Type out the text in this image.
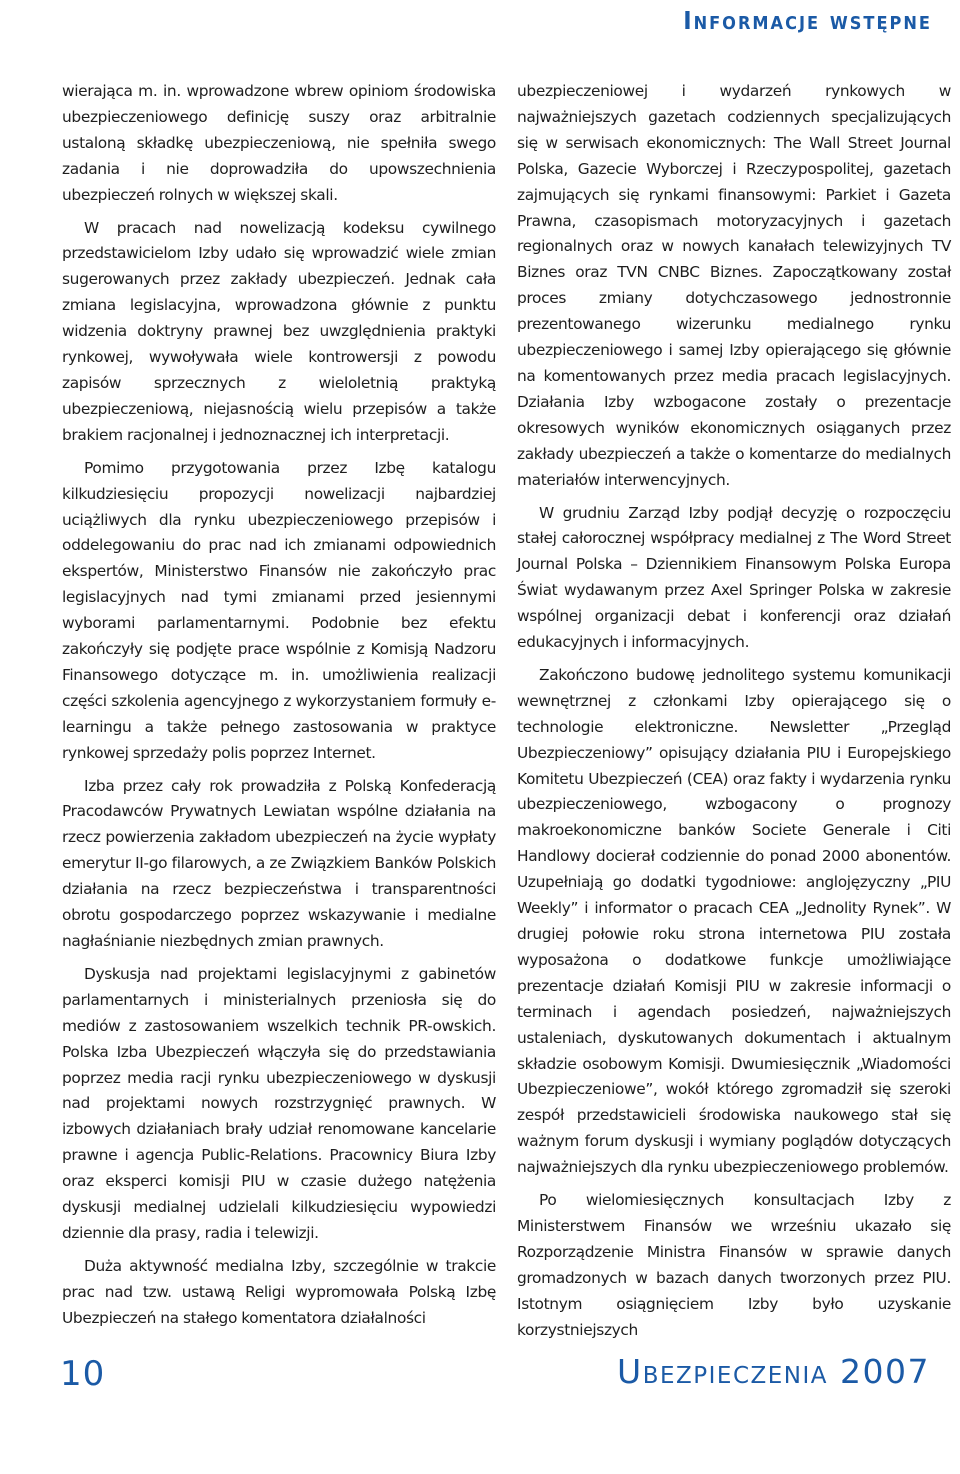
Informacje wstępne

wierająca m. in. wprowadzone wbrew opiniom środowiska ubezpieczeniowego definicję suszy oraz arbitralnie ustaloną składkę ubezpieczeniową, nie spełniła swego zadania i nie doprowadziła do upowszechnienia ubezpieczeń rolnych w większej skali.

W pracach nad nowelizacją kodeksu cywilnego przedstawicielom Izby udało się wprowadzić wiele zmian sugerowanych przez zakłady ubezpieczeń. Jednak cała zmiana legislacyjna, wprowadzona głównie z punktu widzenia doktryny prawnej bez uwzględnienia praktyki rynkowej, wywoływała wiele kontrowersji z powodu zapisów sprzecznych z wieloletnią praktyką ubezpieczeniową, niejasnością wielu przepisów a także brakiem racjonalnej i jednoznacznej ich interpretacji.

Pomimo przygotowania przez Izbę katalogu kilkudziesięciu propozycji nowelizacji najbardziej uciążliwych dla rynku ubezpieczeniowego przepisów i oddelegowaniu do prac nad ich zmianami odpowiednich ekspertów, Ministerstwo Finansów nie zakończyło prac legislacyjnych nad tymi zmianami przed jesiennymi wyborami parlamentarnymi. Podobnie bez efektu zakończyły się podjęte prace wspólnie z Komisją Nadzoru Finansowego dotyczące m. in. umożliwienia realizacji części szkolenia agencyjnego z wykorzystaniem formuły e-learningu a także pełnego zastosowania w praktyce rynkowej sprzedaży polis poprzez Internet.

Izba przez cały rok prowadziła z Polską Konfederacją Pracodawców Prywatnych Lewiatan wspólne działania na rzecz powierzenia zakładom ubezpieczeń na życie wypłaty emerytur II-go filarowych, a ze Związkiem Banków Polskich działania na rzecz bezpieczeństwa i transparentności obrotu gospodarczego poprzez wskazywanie i medialne nagłaśnianie niezbędnych zmian prawnych.

Dyskusja nad projektami legislacyjnymi z gabinetów parlamentarnych i ministerialnych przeniosła się do mediów z zastosowaniem wszelkich technik PR-owskich. Polska Izba Ubezpieczeń włączyła się do przedstawiania poprzez media racji rynku ubezpieczeniowego w dyskusji nad projektami nowych rozstrzygnięć prawnych. W izbowych działaniach brały udział renomowane kancelarie prawne i agencja Public-Relations. Pracownicy Biura Izby oraz eksperci komisji PIU w czasie dużego natężenia dyskusji medialnej udzielali kilkudziesięciu wypowiedzi dziennie dla prasy, radia i telewizji.

Duża aktywność medialna Izby, szczególnie w trakcie prac nad tzw. ustawą Religi wypromowała Polską Izbę Ubezpieczeń na stałego komentatora działalności

ubezpieczeniowej i wydarzeń rynkowych w najważniejszych gazetach codziennych specjalizujących się w serwisach ekonomicznych: The Wall Street Journal Polska, Gazecie Wyborczej i Rzeczypospolitej, gazetach zajmujących się rynkami finansowymi: Parkiet i Gazeta Prawna, czasopismach motoryzacyjnych i gazetach regionalnych oraz w nowych kanałach telewizyjnych TV Biznes oraz TVN CNBC Biznes. Zapoczątkowany został proces zmiany dotychczasowego jednostronnie prezentowanego wizerunku medialnego rynku ubezpieczeniowego i samej Izby opierającego się głównie na komentowanych przez media pracach legislacyjnych. Działania Izby wzbogacone zostały o prezentacje okresowych wyników ekonomicznych osiąganych przez zakłady ubezpieczeń a także o komentarze do medialnych materiałów interwencyjnych.

W grudniu Zarząd Izby podjął decyzję o rozpoczęciu stałej całorocznej współpracy medialnej z The Word Street Journal Polska – Dziennikiem Finansowym Polska Europa Świat wydawanym przez Axel Springer Polska w zakresie wspólnej organizacji debat i konferencji oraz działań edukacyjnych i informacyjnych.

Zakończono budowę jednolitego systemu komunikacji wewnętrznej z członkami Izby opierającego się o technologie elektroniczne. Newsletter „Przegląd Ubezpieczeniowy” opisujący działania PIU i Europejskiego Komitetu Ubezpieczeń (CEA) oraz fakty i wydarzenia rynku ubezpieczeniowego, wzbogacony o prognozy makroekonomiczne banków Societe Generale i Citi Handlowy docierał codziennie do ponad 2000 abonentów. Uzupełniają go dodatki tygodniowe: anglojęzyczny „PIU Weekly” i informator o pracach CEA „Jednolity Rynek”. W drugiej połowie roku strona internetowa PIU została wyposażona o dodatkowe funkcje umożliwiające prezentacje działań Komisji PIU w zakresie informacji o terminach i agendach posiedzeń, najważniejszych ustaleniach, dyskutowanych dokumentach i aktualnym składzie osobowym Komisji. Dwumiesięcznik „Wiadomości Ubezpieczeniowe”, wokół którego zgromadził się szeroki zespół przedstawicieli środowiska naukowego stał się ważnym forum dyskusji i wymiany poglądów dotyczących najważniejszych dla rynku ubezpieczeniowego problemów.

Po wielomiesięcznych konsultacjach Izby z Ministerstwem Finansów we wrześniu ukazało się Rozporządzenie Ministra Finansów w sprawie danych gromadzonych w bazach danych tworzonych przez PIU. Istotnym osiągnięciem Izby było uzyskanie korzystniejszych

10	Ubezpieczenia 2007
